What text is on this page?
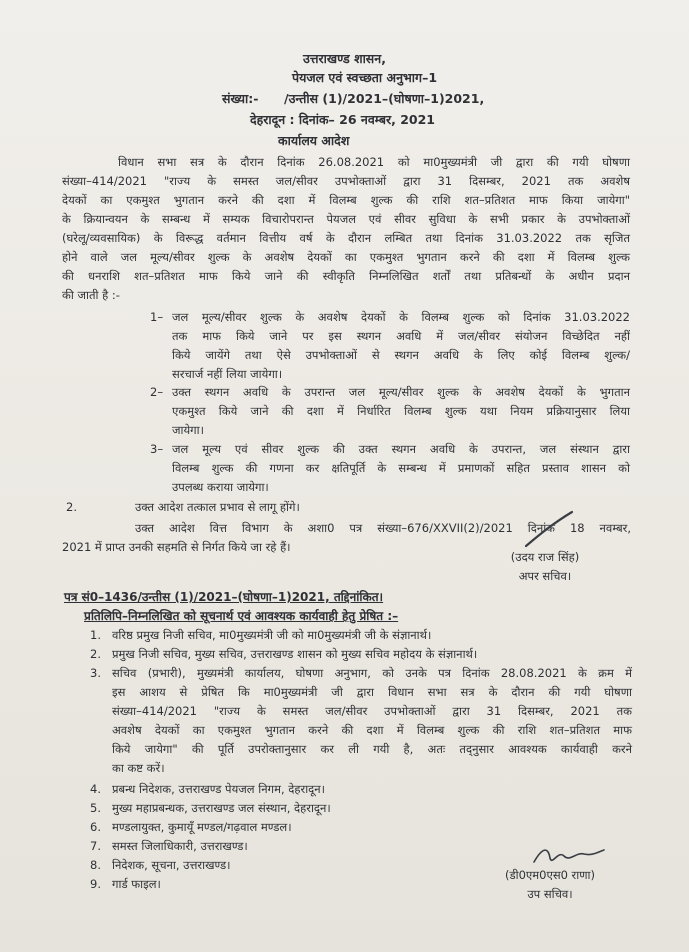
उत्तराखण्ड शासन,
पेयजल एवं स्वच्छता अनुभाग–1
संख्या:- /उन्तीस (1)/2021–(घोषणा–1)2021,
देहरादून : दिनांक– 26 नवम्बर, 2021
कार्यालय आदेश
विधान सभा सत्र के दौरान दिनांक 26.08.2021 को मा0मुख्यमंत्री जी द्वारा की गयी घोषणा
संख्या–414/2021 "राज्य के समस्त जल/सीवर उपभोक्ताओं द्वारा 31 दिसम्बर, 2021 तक अवशेष
देयकों का एकमुश्त भुगतान करने की दशा में विलम्ब शुल्क की राशि शत–प्रतिशत माफ किया जायेगा"
के क्रियान्वयन के सम्बन्ध में सम्यक विचारोपरान्त पेयजल एवं सीवर सुविधा के सभी प्रकार के उपभोक्ताओं
(घरेलू/व्यवसायिक) के विरूद्ध वर्तमान वित्तीय वर्ष के दौरान लम्बित तथा दिनांक 31.03.2022 तक सृजित
होने वाले जल मूल्य/सीवर शुल्क के अवशेष देयकों का एकमुश्त भुगतान करने की दशा में विलम्ब शुल्क
की धनराशि शत–प्रतिशत माफ किये जाने की स्वीकृति निम्नलिखित शर्तों तथा प्रतिबन्धों के अधीन प्रदान
की जाती है :-
1– जल मूल्य/सीवर शुल्क के अवशेष देयकों के विलम्ब शुल्क को दिनांक 31.03.2022
तक माफ किये जाने पर इस स्थगन अवधि में जल/सीवर संयोजन विच्छेदित नहीं
किये जायेंगे तथा ऐसे उपभोक्ताओं से स्थगन अवधि के लिए कोई विलम्ब शुल्क/
सरचार्ज नहीं लिया जायेगा।
2– उक्त स्थगन अवधि के उपरान्त जल मूल्य/सीवर शुल्क के अवशेष देयकों के भुगतान
एकमुश्त किये जाने की दशा में निर्धारित विलम्ब शुल्क यथा नियम प्रक्रियानुसार लिया
जायेगा।
3– जल मूल्य एवं सीवर शुल्क की उक्त स्थगन अवधि के उपरान्त, जल संस्थान द्वारा
विलम्ब शुल्क की गणना कर क्षतिपूर्ति के सम्बन्ध में प्रमाणकों सहित प्रस्ताव शासन को
उपलब्ध कराया जायेगा।
2.	उक्त आदेश तत्काल प्रभाव से लागू होंगे।
उक्त आदेश वित्त विभाग के अशा0 पत्र संख्या–676/XXVII(2)/2021 दिनांक 18 नवम्बर,
2021 में प्राप्त उनकी सहमति से निर्गत किये जा रहे हैं।
(उदय राज सिंह)
अपर सचिव।
पत्र सं0–1436/उन्तीस (1)/2021–(घोषणा–1)2021, तद्दिनांकित।
प्रतिलिपि–निम्नलिखित को सूचनार्थ एवं आवश्यक कार्यवाही हेतु प्रेषित :–
1. वरिष्ठ प्रमुख निजी सचिव, मा0मुख्यमंत्री जी को मा0मुख्यमंत्री जी के संज्ञानार्थ।
2. प्रमुख निजी सचिव, मुख्य सचिव, उत्तराखण्ड शासन को मुख्य सचिव महोदय के संज्ञानार्थ।
3. सचिव (प्रभारी), मुख्यमंत्री कार्यालय, घोषणा अनुभाग, को उनके पत्र दिनांक 28.08.2021 के क्रम में
इस आशय से प्रेषित कि मा0मुख्यमंत्री जी द्वारा विधान सभा सत्र के दौरान की गयी घोषणा
संख्या–414/2021 "राज्य के समस्त जल/सीवर उपभोक्ताओं द्वारा 31 दिसम्बर, 2021 तक
अवशेष देयकों का एकमुश्त भुगतान करने की दशा में विलम्ब शुल्क की राशि शत–प्रतिशत माफ
किये जायेगा" की पूर्ति उपरोक्तानुसार कर ली गयी है, अतः तद्नुसार आवश्यक कार्यवाही करने
का कष्ट करें।
4. प्रबन्ध निदेशक, उत्तराखण्ड पेयजल निगम, देहरादून।
5. मुख्य महाप्रबन्धक, उत्तराखण्ड जल संस्थान, देहरादून।
6. मण्डलायुक्त, कुमायूँ मण्डल/गढ़वाल मण्डल।
7. समस्त जिलाधिकारी, उत्तराखण्ड।
8. निदेशक, सूचना, उत्तराखण्ड।
9. गार्ड फाइल।
(डी0एम0एस0 राणा)
उप सचिव।
